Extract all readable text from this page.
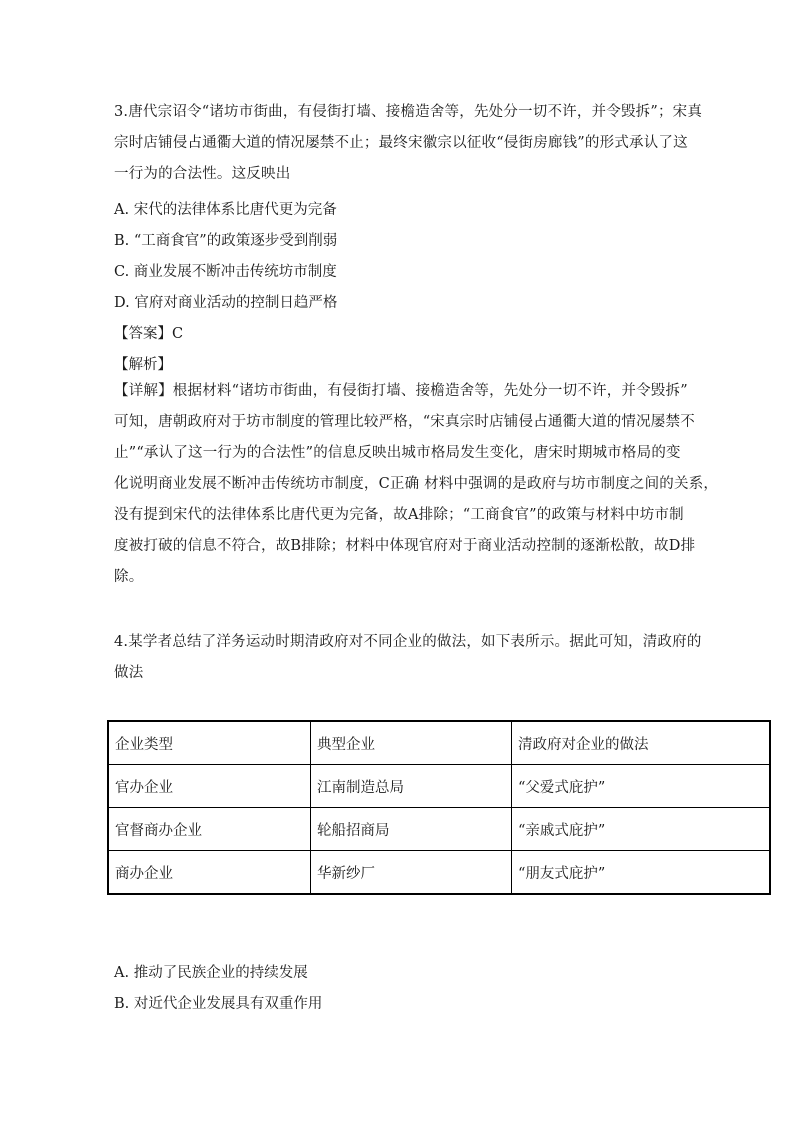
3.唐代宗诏令“诸坊市街曲，有侵街打墙、接檐造舍等，先处分一切不许，并令毁拆”；宋真
宗时店铺侵占通衢大道的情况屡禁不止；最终宋徽宗以征收“侵街房廊钱”的形式承认了这
一行为的合法性。这反映出
A. 宋代的法律体系比唐代更为完备
B. “工商食官”的政策逐步受到削弱
C. 商业发展不断冲击传统坊市制度
D. 官府对商业活动的控制日趋严格
【答案】C
【解析】
【详解】根据材料“诸坊市街曲，有侵街打墙、接檐造舍等，先处分一切不许，并令毁拆”
可知，唐朝政府对于坊市制度的管理比较严格，“宋真宗时店铺侵占通衢大道的情况屡禁不
止”“承认了这一行为的合法性”的信息反映出城市格局发生变化，唐宋时期城市格局的变
化说明商业发展不断冲击传统坊市制度，C正确 材料中强调的是政府与坊市制度之间的关系，
没有提到宋代的法律体系比唐代更为完备，故A排除；“工商食官”的政策与材料中坊市制
度被打破的信息不符合，故B排除；材料中体现官府对于商业活动控制的逐渐松散，故D排
除。
4.某学者总结了洋务运动时期清政府对不同企业的做法，如下表所示。据此可知，清政府的
做法
企业类型	典型企业	清政府对企业的做法
官办企业	江南制造总局	“父爱式庇护”
官督商办企业	轮船招商局	“亲戚式庇护”
商办企业	华新纱厂	“朋友式庇护”
A. 推动了民族企业的持续发展
B. 对近代企业发展具有双重作用
